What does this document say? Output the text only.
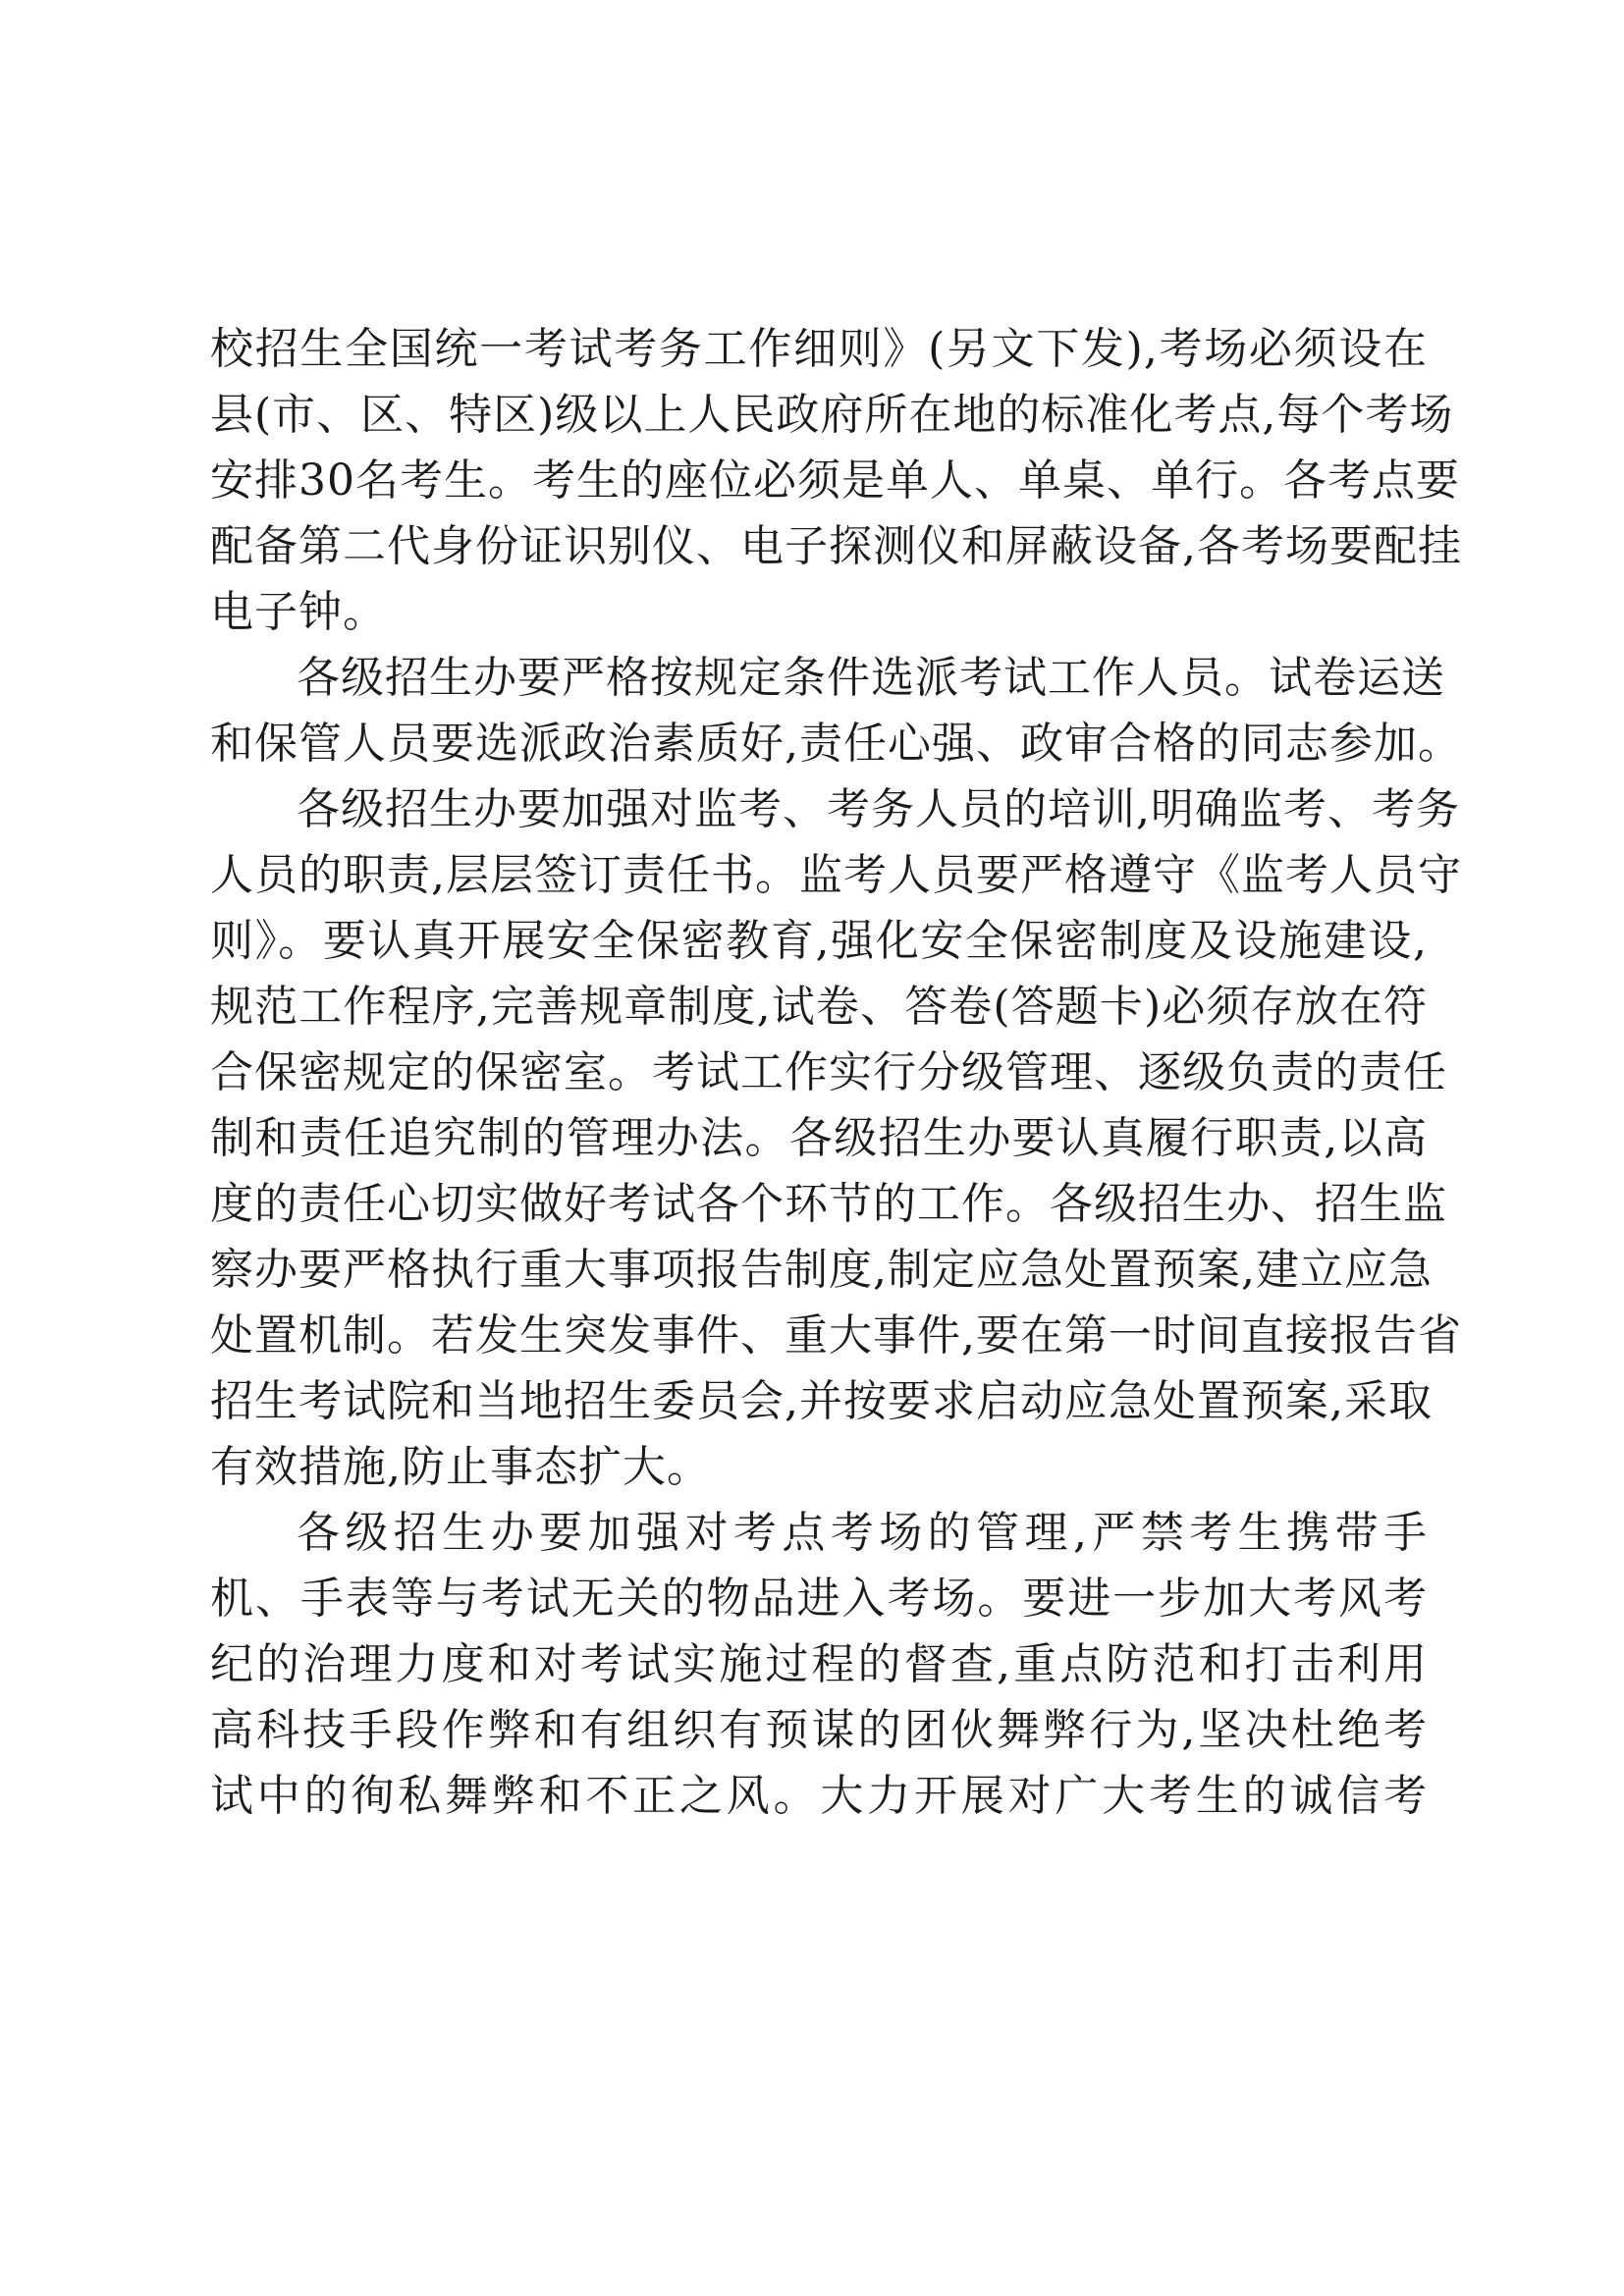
校招生全国统一考试考务工作细则》(另文下发),考场必须设在
县(市、区、特区)级以上人民政府所在地的标准化考点,每个考场
安排30名考生。考生的座位必须是单人、单桌、单行。各考点要
配备第二代身份证识别仪、电子探测仪和屏蔽设备,各考场要配挂
电子钟。
各级招生办要严格按规定条件选派考试工作人员。试卷运送
和保管人员要选派政治素质好,责任心强、政审合格的同志参加。
各级招生办要加强对监考、考务人员的培训,明确监考、考务
人员的职责,层层签订责任书。监考人员要严格遵守《监考人员守
则》。要认真开展安全保密教育,强化安全保密制度及设施建设,
规范工作程序,完善规章制度,试卷、答卷(答题卡)必须存放在符
合保密规定的保密室。考试工作实行分级管理、逐级负责的责任
制和责任追究制的管理办法。各级招生办要认真履行职责,以高
度的责任心切实做好考试各个环节的工作。各级招生办、招生监
察办要严格执行重大事项报告制度,制定应急处置预案,建立应急
处置机制。若发生突发事件、重大事件,要在第一时间直接报告省
招生考试院和当地招生委员会,并按要求启动应急处置预案,采取
有效措施,防止事态扩大。
各级招生办要加强对考点考场的管理,严禁考生携带手
机、手表等与考试无关的物品进入考场。要进一步加大考风考
纪的治理力度和对考试实施过程的督查,重点防范和打击利用
高科技手段作弊和有组织有预谋的团伙舞弊行为,坚决杜绝考
试中的徇私舞弊和不正之风。大力开展对广大考生的诚信考
